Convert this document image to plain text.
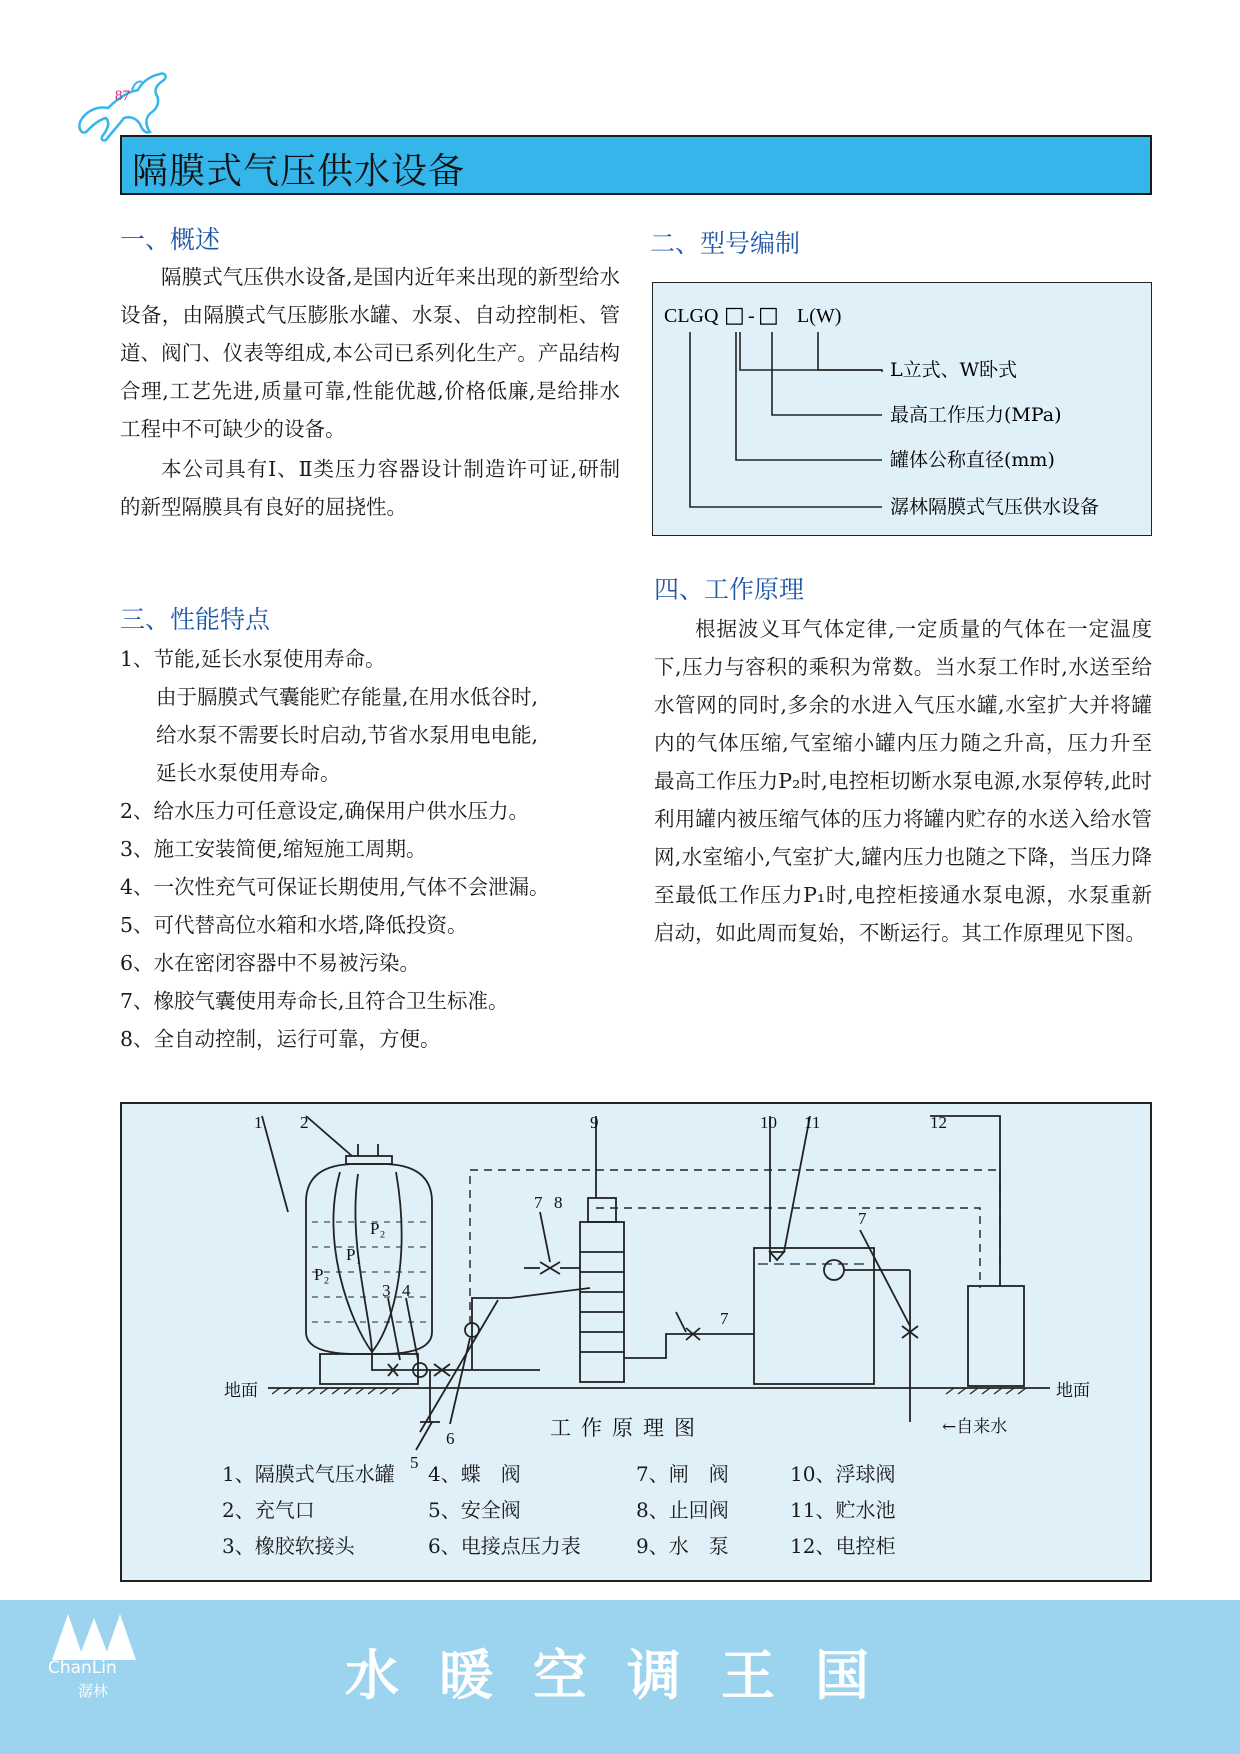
87
隔膜式气压供水设备
一、概述

隔膜式气压供水设备,是国内近年来出现的新型给水设备，由隔膜式气压膨胀水罐、水泵、自动控制柜、管道、阀门、仪表等组成,本公司已系列化生产。产品结构合理,工艺先进,质量可靠,性能优越,价格低廉,是给排水工程中不可缺少的设备。

本公司具有Ⅰ、Ⅱ类压力容器设计制造许可证,研制的新型隔膜具有良好的屈挠性。

二、型号编制
CLGQ □ - □ L(W)
L立式、W卧式
最高工作压力(MPa)
罐体公称直径(mm)
潺林隔膜式气压供水设备
三、性能特点
1、节能,延长水泵使用寿命。
由于膈膜式气囊能贮存能量,在用水低谷时,
给水泵不需要长时启动,节省水泵用电电能,
延长水泵使用寿命。
2、给水压力可任意设定,确保用户供水压力。
3、施工安装简便,缩短施工周期。
4、一次性充气可保证长期使用,气体不会泄漏。
5、可代替高位水箱和水塔,降低投资。
6、水在密闭容器中不易被污染。
7、橡胶气囊使用寿命长,且符合卫生标准。
8、全自动控制，运行可靠，方便。
四、工作原理

根据波义耳气体定律,一定质量的气体在一定温度下,压力与容积的乘积为常数。当水泵工作时,水送至给水管网的同时,多余的水进入气压水罐,水室扩大并将罐内的气体压缩,气室缩小罐内压力随之升高，压力升至最高工作压力P₂时,电控柜切断水泵电源,水泵停转,此时利用罐内被压缩气体的压力将罐内贮存的水送入给水管网,水室缩小,气室扩大,罐内压力也随之下降，当压力降至最低工作压力P₁时,电控柜接通水泵电源，水泵重新启动，如此周而复始，不断运行。其工作原理见下图。

1 2
3 4
5
6
7 8
9	10 11	12
7
7
P₂
P₁
P₂
地面	地面
←自来水
工作原理图
1、隔膜式气压水罐 4、蝶　阀	7、闸　阀	10、浮球阀
2、充气口	5、安全阀	8、止回阀	11、贮水池
3、橡胶软接头	6、电接点压力表	9、水　泵	12、电控柜
ChanLin
潺林	水暖空调王国
